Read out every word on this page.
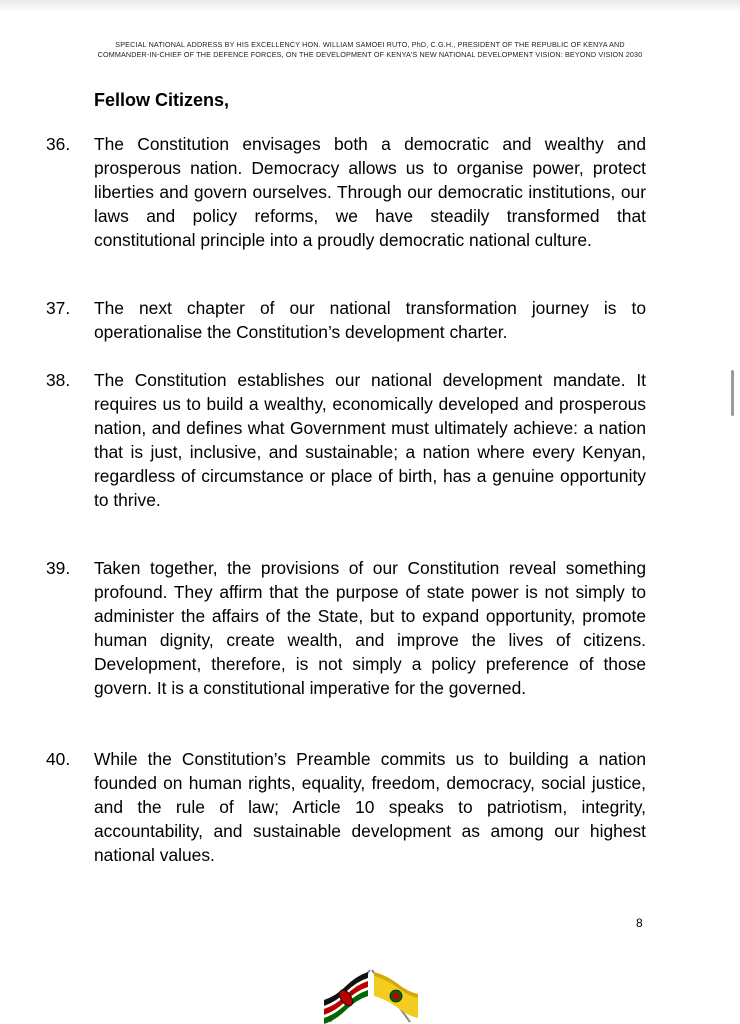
SPECIAL NATIONAL ADDRESS BY HIS EXCELLENCY HON. WILLIAM SAMOEI RUTO, PhD, C.G.H., PRESIDENT OF THE REPUBLIC OF KENYA AND
COMMANDER-IN-CHIEF OF THE DEFENCE FORCES, ON THE DEVELOPMENT OF KENYA'S NEW NATIONAL DEVELOPMENT VISION: BEYOND VISION 2030
Fellow Citizens,
36.	The Constitution envisages both a democratic and wealthy and prosperous nation. Democracy allows us to organise power, protect liberties and govern ourselves. Through our democratic institutions, our laws and policy reforms, we have steadily transformed that constitutional principle into a proudly democratic national culture.
37.	The next chapter of our national transformation journey is to operationalise the Constitution’s development charter.
38.	The Constitution establishes our national development mandate. It requires us to build a wealthy, economically developed and prosperous nation, and defines what Government must ultimately achieve: a nation that is just, inclusive, and sustainable; a nation where every Kenyan, regardless of circumstance or place of birth, has a genuine opportunity to thrive.
39.	Taken together, the provisions of our Constitution reveal something profound. They affirm that the purpose of state power is not simply to administer the affairs of the State, but to expand opportunity, promote human dignity, create wealth, and improve the lives of citizens. Development, therefore, is not simply a policy preference of those govern. It is a constitutional imperative for the governed.
40.	While the Constitution’s Preamble commits us to building a nation founded on human rights, equality, freedom, democracy, social justice, and the rule of law; Article 10 speaks to patriotism, integrity, accountability, and sustainable development as among our highest national values.
8
